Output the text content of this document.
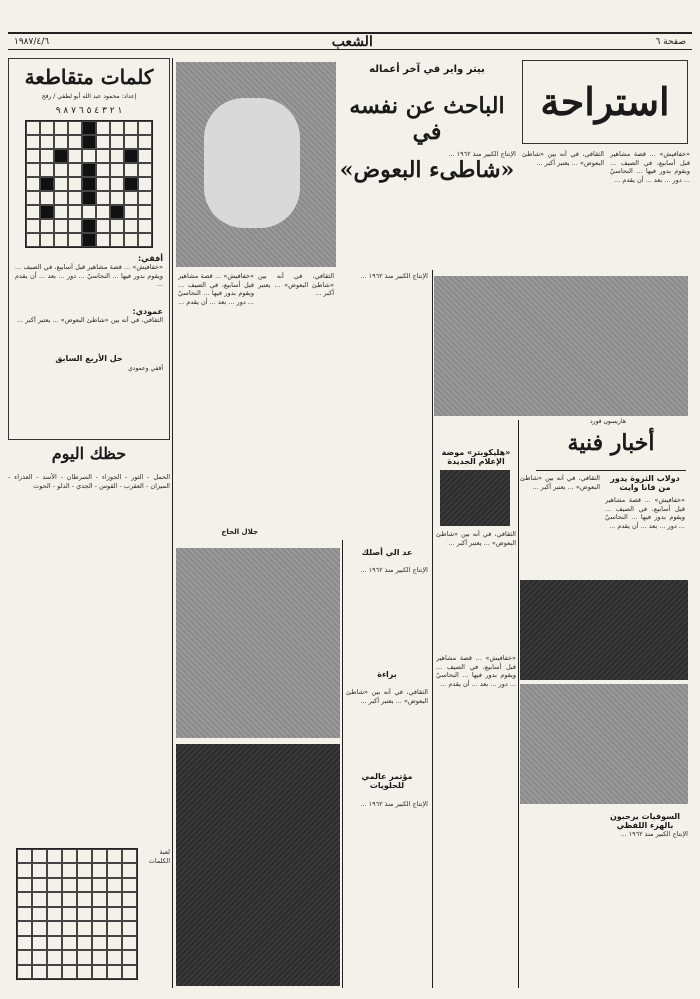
صفحة ٦
الشعب
١٩٨٧/٤/٦
استراحة
«خفافيش» ... قصة مشاهير قبل أسابيع، في الصيف ... ويقوم بدور فيها ... النحاسيّ ... دور ... بعد ... أن يقدم ...
الثقافي، في أنه بين «شاطئ البعوض» ... يعتبر أكبر ...
الإنتاج الكبير منذ ١٩٦٢ ...
بيتر واير في آخر أعماله
الباحث عن نفسه في
«شاطىء البعوض»
الإنتاج الكبير منذ ١٩٦٢ ...
الثقافي، في أنه بين «شاطئ البعوض» ... يعتبر أكبر ...
«خفافيش» ... قصة مشاهير قبل أسابيع، في الصيف ... ويقوم بدور فيها ... النحاسيّ ... دور ... بعد ... أن يقدم ...
جلال الحاج
هاريسون فورد
أخبار فنية
دولاب الثروة يدور من فانا وايت
«خفافيش» ... قصة مشاهير قبل أسابيع، في الصيف ... ويقوم بدور فيها ... النحاسيّ ... دور ... بعد ... أن يقدم ...
الثقافي، في أنه بين «شاطئ البعوض» ... يعتبر أكبر ...
السوفيات يرحبون بالهزء اللفظي
الإنتاج الكبير منذ ١٩٦٢ ...
«هليكوبتر» موضة الإعلام الجديدة
الثقافي، في أنه بين «شاطئ البعوض» ... يعتبر أكبر ...
عد الي أصلك
الإنتاج الكبير منذ ١٩٦٢ ...
«خفافيش» ... قصة مشاهير قبل أسابيع، في الصيف ... ويقوم بدور فيها ... النحاسيّ ... دور ... بعد ... أن يقدم ...
براءة
الثقافي، في أنه بين «شاطئ البعوض» ... يعتبر أكبر ...
مؤتمر عالمي للحلويات
الإنتاج الكبير منذ ١٩٦٢ ...
كلمات متقاطعة
إعداد: محمود عبد الله أبو لطفي / رفح
١ ٢ ٣ ٤ ٥ ٦ ٧ ٨ ٩
أفقي:
«خفافيش» ... قصة مشاهير قبل أسابيع، في الصيف ... ويقوم بدور فيها ... النحاسيّ ... دور ... بعد ... أن يقدم ...
عمودي:
الثقافي، في أنه بين «شاطئ البعوض» ... يعتبر أكبر ...
حل الأربع السابق
أفقي وعمودي
حظك اليوم
الحمل - الثور - الجوزاء - السرطان - الأسد - العذراء - الميزان - العقرب - القوس - الجدي - الدلو - الحوت
لعبة الكلمات
